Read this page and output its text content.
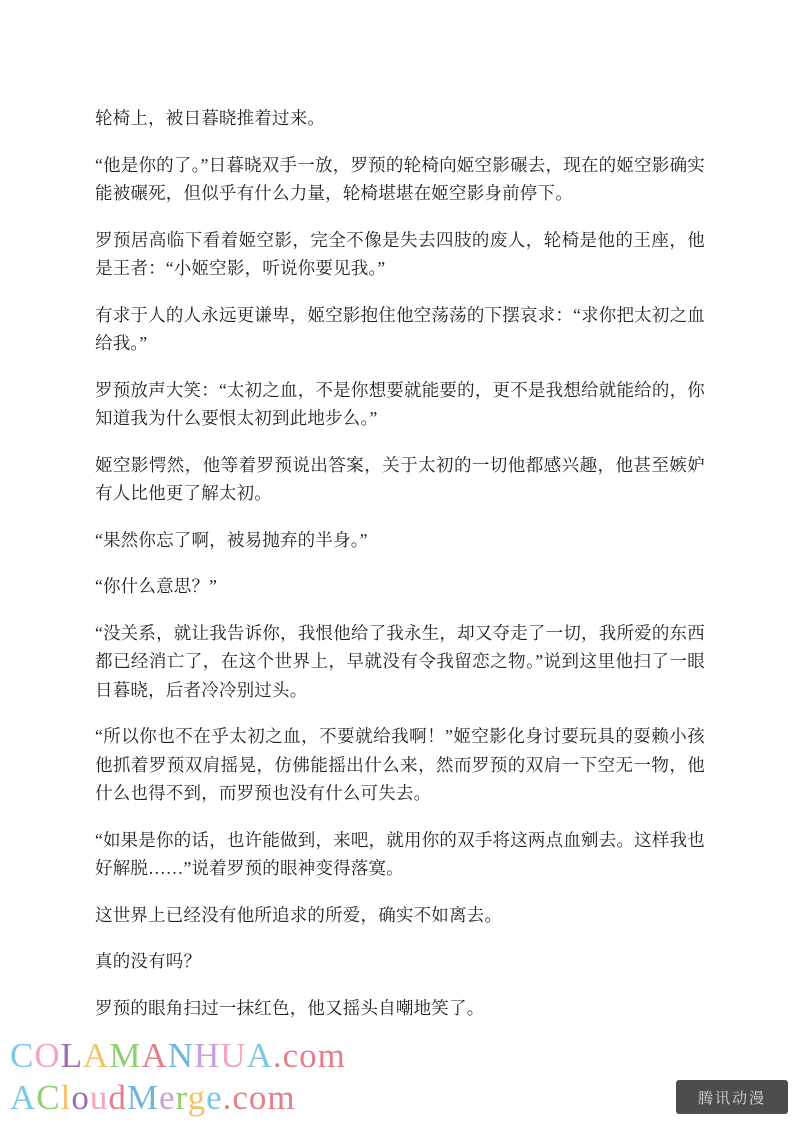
轮椅上，被日暮晓推着过来。

“他是你的了。”日暮晓双手一放，罗预的轮椅向姬空影碾去，现在的姬空影确实能被碾死，但似乎有什么力量，轮椅堪堪在姬空影身前停下。

罗预居高临下看着姬空影，完全不像是失去四肢的废人，轮椅是他的王座，他是王者：“小姬空影，听说你要见我。”

有求于人的人永远更谦卑，姬空影抱住他空荡荡的下摆哀求：“求你把太初之血给我。”

罗预放声大笑：“太初之血，不是你想要就能要的，更不是我想给就能给的，你知道我为什么要恨太初到此地步么。”

姬空影愕然，他等着罗预说出答案，关于太初的一切他都感兴趣，他甚至嫉妒有人比他更了解太初。

“果然你忘了啊，被易抛弃的半身。”

“你什么意思？”

“没关系，就让我告诉你，我恨他给了我永生，却又夺走了一切，我所爱的东西都已经消亡了，在这个世界上，早就没有令我留恋之物。”说到这里他扫了一眼日暮晓，后者冷冷别过头。

“所以你也不在乎太初之血，不要就给我啊！”姬空影化身讨要玩具的耍赖小孩他抓着罗预双肩摇晃，仿佛能摇出什么来，然而罗预的双肩一下空无一物，他什么也得不到，而罗预也没有什么可失去。

“如果是你的话，也许能做到，来吧，就用你的双手将这两点血剜去。这样我也好解脱……”说着罗预的眼神变得落寞。

这世界上已经没有他所追求的所爱，确实不如离去。

真的没有吗？

罗预的眼角扫过一抹红色，他又摇头自嘲地笑了。

COLAMANHUA.com
ACloudMerge.com	腾讯动漫
